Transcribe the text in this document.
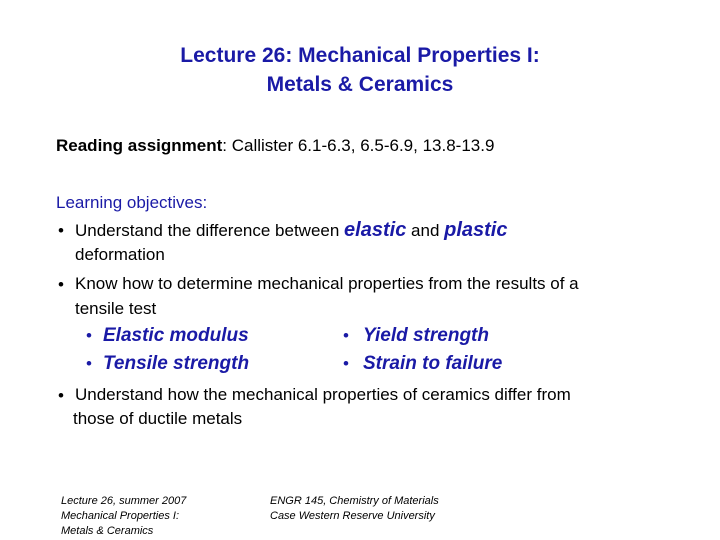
Lecture 26: Mechanical Properties I:
Metals & Ceramics
Reading assignment: Callister 6.1-6.3, 6.5-6.9, 13.8-13.9
Learning objectives:
• Understand the difference between elastic and plastic
deformation
• Know how to determine mechanical properties from the results of a
tensile test
• Elastic modulus	• Yield strength
• Tensile strength	• Strain to failure
• Understand how the mechanical properties of ceramics differ from
those of ductile metals
Lecture 26, summer 2007
Mechanical Properties I:
Metals & Ceramics
ENGR 145, Chemistry of Materials
Case Western Reserve University
